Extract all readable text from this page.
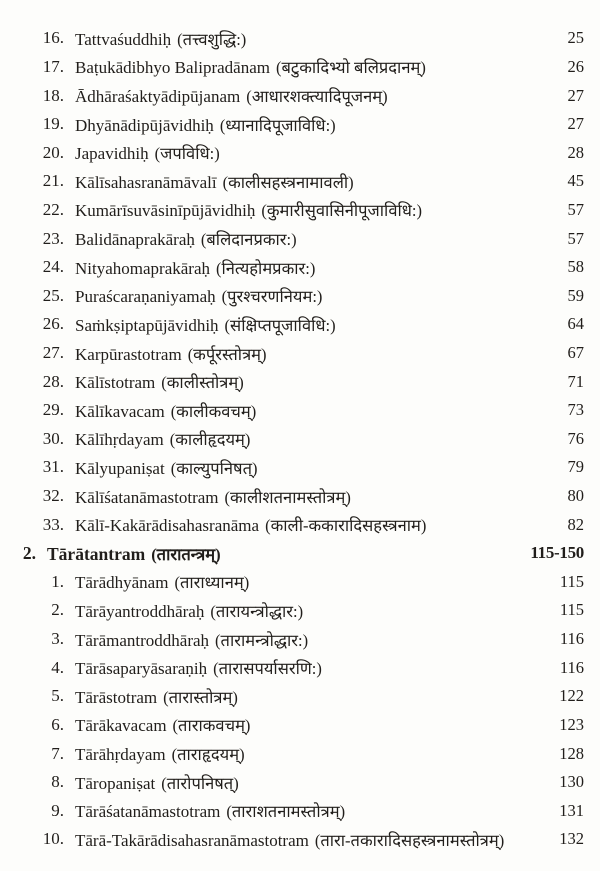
16. Tattvaśuddhiḥ (तत्त्वशुद्धि:)	25
17. Baṭukādibhyo Balipradānam (बटुकादिभ्यो बलिप्रदानम्)	26
18. Ādhāraśaktyādipūjanam (आधारशक्त्यादिपूजनम्)	27
19. Dhyānādipūjāvidhiḥ (ध्यानादिपूजाविधि:)	27
20. Japavidhiḥ (जपविधि:)	28
21. Kālīsahasranāmāvalī (कालीसहस्त्रनामावली)	45
22. Kumārīsuvāsinīpūjāvidhiḥ (कुमारीसुवासिनीपूजाविधि:)	57
23. Balidānaprakāraḥ (बलिदानप्रकार:)	57
24. Nityahomaprakāraḥ (नित्यहोमप्रकार:)	58
25. Puraścaraṇaniyamaḥ (पुरश्चरणनियम:)	59
26. Saṁkṣiptapūjāvidhiḥ (संक्षिप्तपूजाविधि:)	64
27. Karpūrastotram (कर्पूरस्तोत्रम्)	67
28. Kālīstotram (कालीस्तोत्रम्)	71
29. Kālīkavacam (कालीकवचम्)	73
30. Kālīhṛdayam (कालीहृदयम्)	76
31. Kālyupaniṣat (काल्युपनिषत्)	79
32. Kālīśatanāmastotram (कालीशतनामस्तोत्रम्)	80
33. Kālī-Kakārādisahasranāma (काली-ककारादिसहस्त्रनाम)	82
2. Tārātantram (तारातन्त्रम्)	115-150
1. Tārādhyānam (ताराध्यानम्)	115
2. Tārāyantroddhāraḥ (तारायन्त्रोद्धार:)	115
3. Tārāmantroddhāraḥ (तारामन्त्रोद्धार:)	116
4. Tārāsaparyāsaraṇiḥ (तारासपर्यासरणि:)	116
5. Tārāstotram (तारास्तोत्रम्)	122
6. Tārākavacam (ताराकवचम्)	123
7. Tārāhṛdayam (ताराहृदयम्)	128
8. Tāropaniṣat (तारोपनिषत्)	130
9. Tārāśatanāmastotram (ताराशतनामस्तोत्रम्)	131
10. Tārā-Takārādisahasranāmastotram (तारा-तकारादिसहस्त्रनामस्तोत्रम्)	132
